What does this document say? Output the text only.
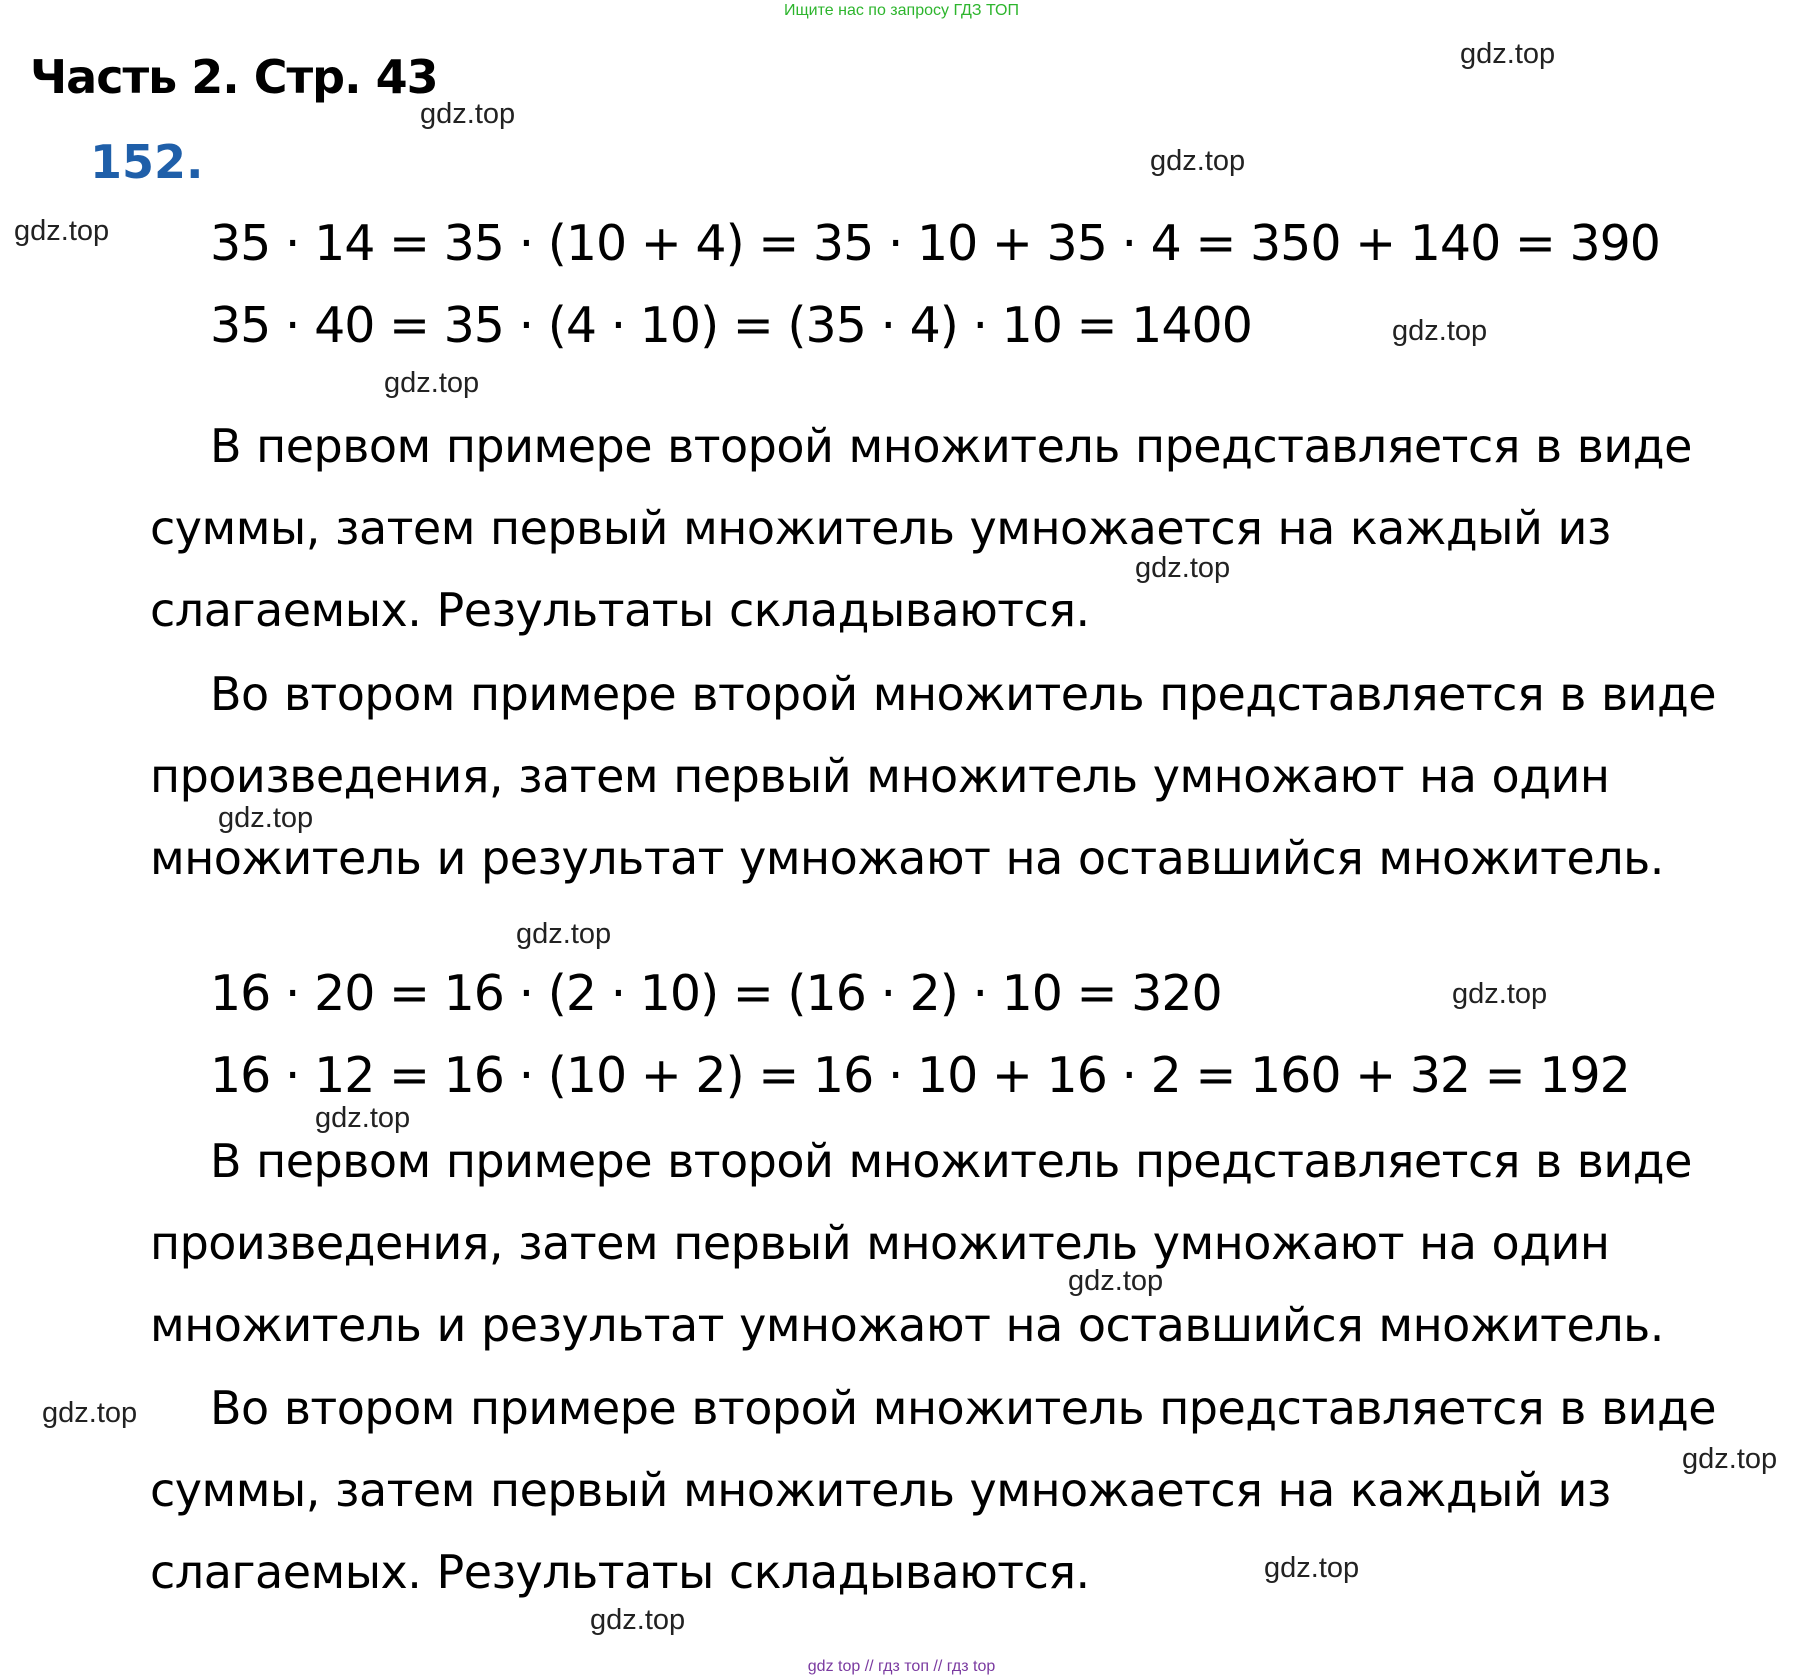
Ищите нас по запросу ГДЗ ТОП
Часть 2. Стр. 43
152.
35 · 14 = 35 · (10 + 4) = 35 · 10 + 35 · 4 = 350 + 140 = 390
35 · 40 = 35 · (4 · 10) = (35 · 4) · 10 = 1400
В первом примере второй множитель представляется в виде суммы, затем первый множитель умножается на каждый из слагаемых. Результаты складываются.
Во втором примере второй множитель представляется в виде произведения, затем первый множитель умножают на один множитель и результат умножают на оставшийся множитель.
16 · 20 = 16 · (2 · 10) = (16 · 2) · 10 = 320
16 · 12 = 16 · (10 + 2) = 16 · 10 + 16 · 2 = 160 + 32 = 192
В первом примере второй множитель представляется в виде произведения, затем первый множитель умножают на один множитель и результат умножают на оставшийся множитель.
Во втором примере второй множитель представляется в виде суммы, затем первый множитель умножается на каждый из слагаемых. Результаты складываются.
gdz.top
gdz.top
gdz.top
gdz.top
gdz.top
gdz.top
gdz.top
gdz.top
gdz.top
gdz.top
gdz.top
gdz.top
gdz.top
gdz.top
gdz.top
gdz.top
gdz top // гдз топ // гдз top
